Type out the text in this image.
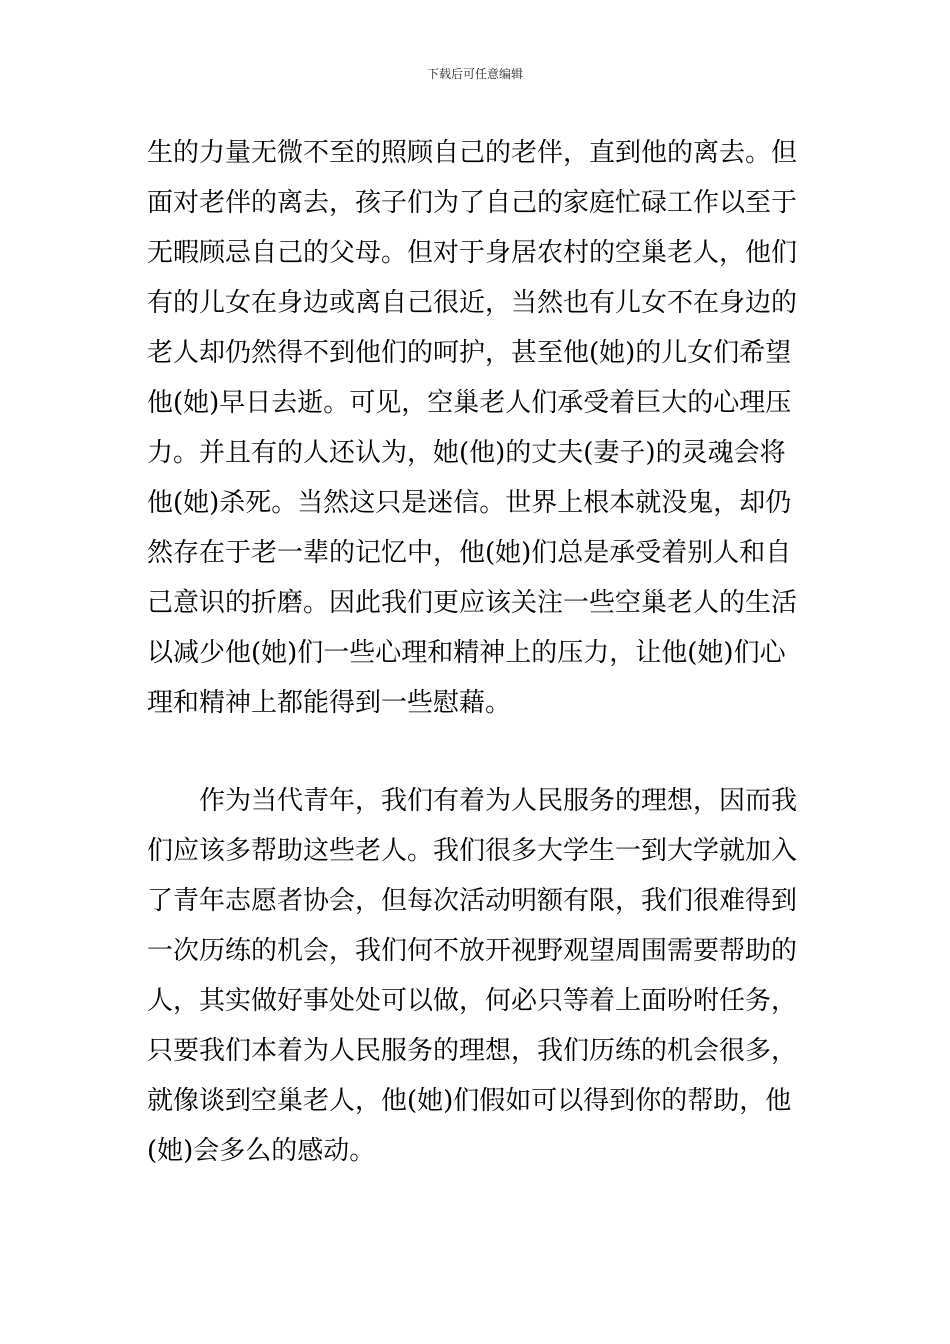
下载后可任意编辑
生的力量无微不至的照顾自己的老伴，直到他的离去。但
面对老伴的离去，孩子们为了自己的家庭忙碌工作以至于
无暇顾忌自己的父母。但对于身居农村的空巢老人，他们
有的儿女在身边或离自己很近，当然也有儿女不在身边的
老人却仍然得不到他们的呵护，甚至他(她)的儿女们希望
他(她)早日去逝。可见，空巢老人们承受着巨大的心理压
力。并且有的人还认为，她(他)的丈夫(妻子)的灵魂会将
他(她)杀死。当然这只是迷信。世界上根本就没鬼，却仍
然存在于老一辈的记忆中，他(她)们总是承受着别人和自
己意识的折磨。因此我们更应该关注一些空巢老人的生活
以减少他(她)们一些心理和精神上的压力，让他(她)们心
理和精神上都能得到一些慰藉。
　　作为当代青年，我们有着为人民服务的理想，因而我
们应该多帮助这些老人。我们很多大学生一到大学就加入
了青年志愿者协会，但每次活动明额有限，我们很难得到
一次历练的机会，我们何不放开视野观望周围需要帮助的
人，其实做好事处处可以做，何必只等着上面吩咐任务，
只要我们本着为人民服务的理想，我们历练的机会很多，
就像谈到空巢老人，他(她)们假如可以得到你的帮助，他
(她)会多么的感动。
